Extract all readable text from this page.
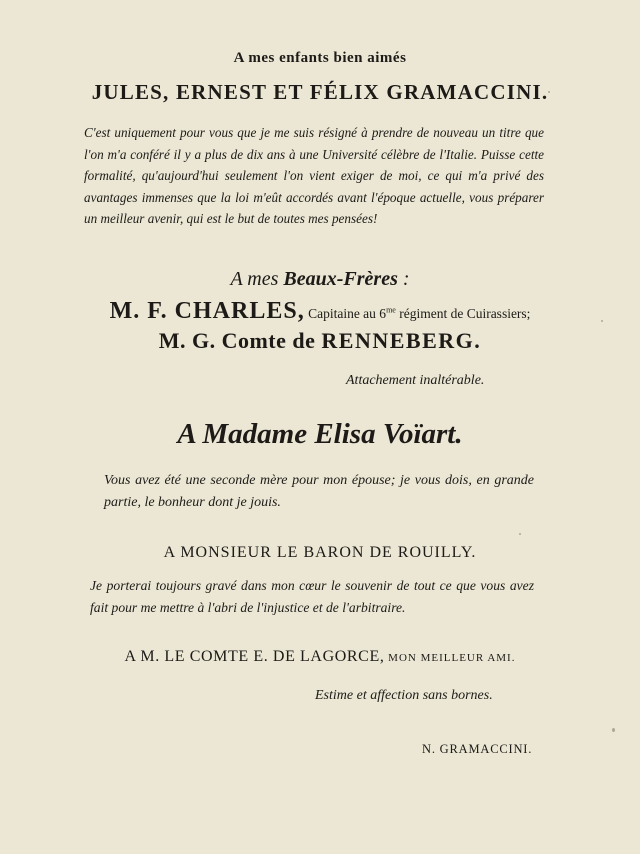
A mes enfants bien aimés
JULES, ERNEST ET FÉLIX GRAMACCINI.
C'est uniquement pour vous que je me suis résigné à prendre de nouveau un titre que l'on m'a conféré il y a plus de dix ans à une Université célèbre de l'Italie. Puisse cette formalité, qu'aujourd'hui seulement l'on vient exiger de moi, ce qui m'a privé des avantages immenses que la loi m'eût accordés avant l'époque actuelle, vous préparer un meilleur avenir, qui est le but de toutes mes pensées!
A mes Beaux-Frères :
M. F. CHARLES, Capitaine au $6^{me}$ régiment de Cuirassiers;
M. G. Comte de RENNEBERG.
Attachement inaltérable.
A Madame Elisa Voïart.
Vous avez été une seconde mère pour mon épouse; je vous dois, en grande partie, le bonheur dont je jouis.
A MONSIEUR LE BARON DE ROUILLY.
Je porterai toujours gravé dans mon cœur le souvenir de tout ce que vous avez fait pour me mettre à l'abri de l'injustice et de l'arbitraire.
A M. LE COMTE E. DE LAGORCE, MON MEILLEUR AMI.
Estime et affection sans bornes.
N. GRAMACCINI.
